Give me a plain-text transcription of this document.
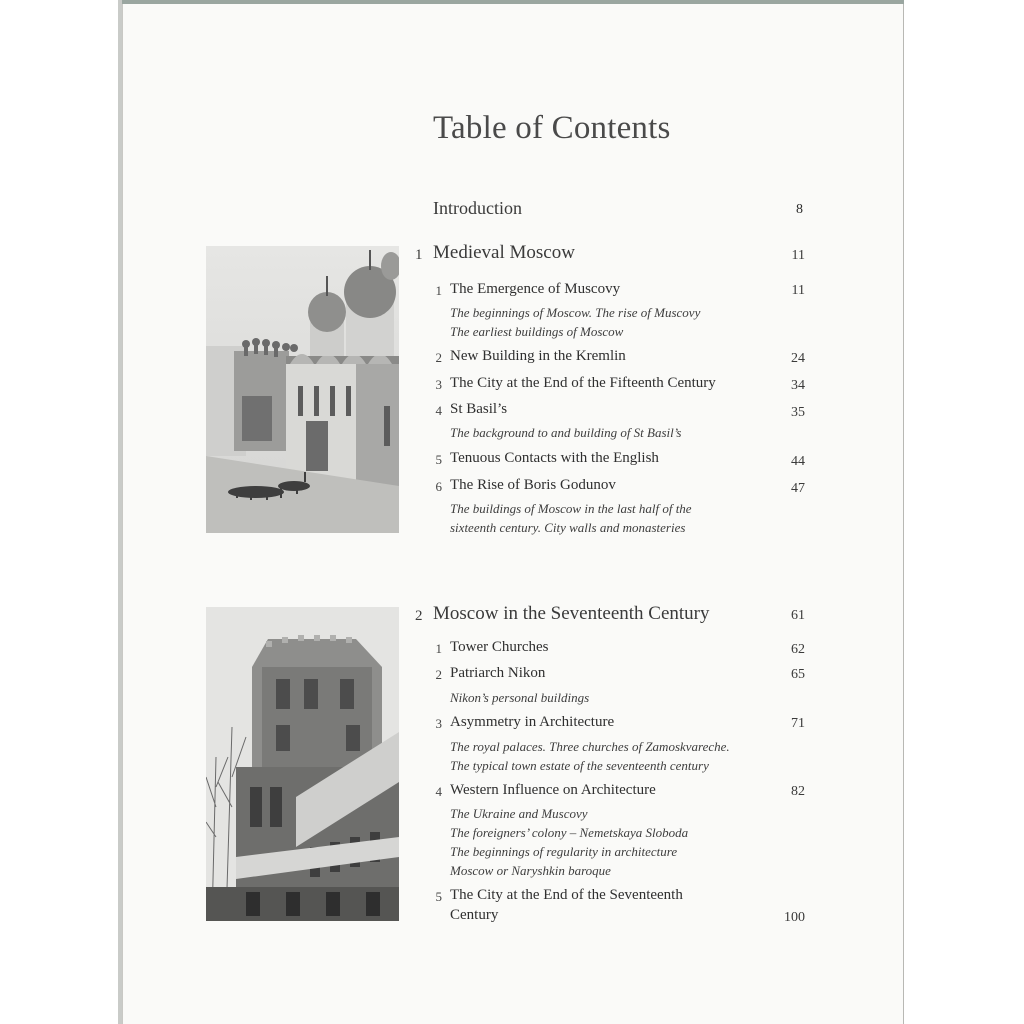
Table of Contents
Introduction	8
1 Medieval Moscow	11
1 The Emergence of Muscovy	11
The beginnings of Moscow. The rise of Muscovy
The earliest buildings of Moscow
2 New Building in the Kremlin	24
3 The City at the End of the Fifteenth Century	34
4 St Basil’s	35
The background to and building of St Basil’s
5 Tenuous Contacts with the English	44
6 The Rise of Boris Godunov	47
The buildings of Moscow in the last half of the
sixteenth century. City walls and monasteries
2 Moscow in the Seventeenth Century	61
1 Tower Churches	62
2 Patriarch Nikon	65
Nikon’s personal buildings
3 Asymmetry in Architecture	71
The royal palaces. Three churches of Zamoskvareche.
The typical town estate of the seventeenth century
4 Western Influence on Architecture	82
The Ukraine and Muscovy
The foreigners’ colony – Nemetskaya Sloboda
The beginnings of regularity in architecture
Moscow or Naryshkin baroque
5 The City at the End of the Seventeenth
Century	100
